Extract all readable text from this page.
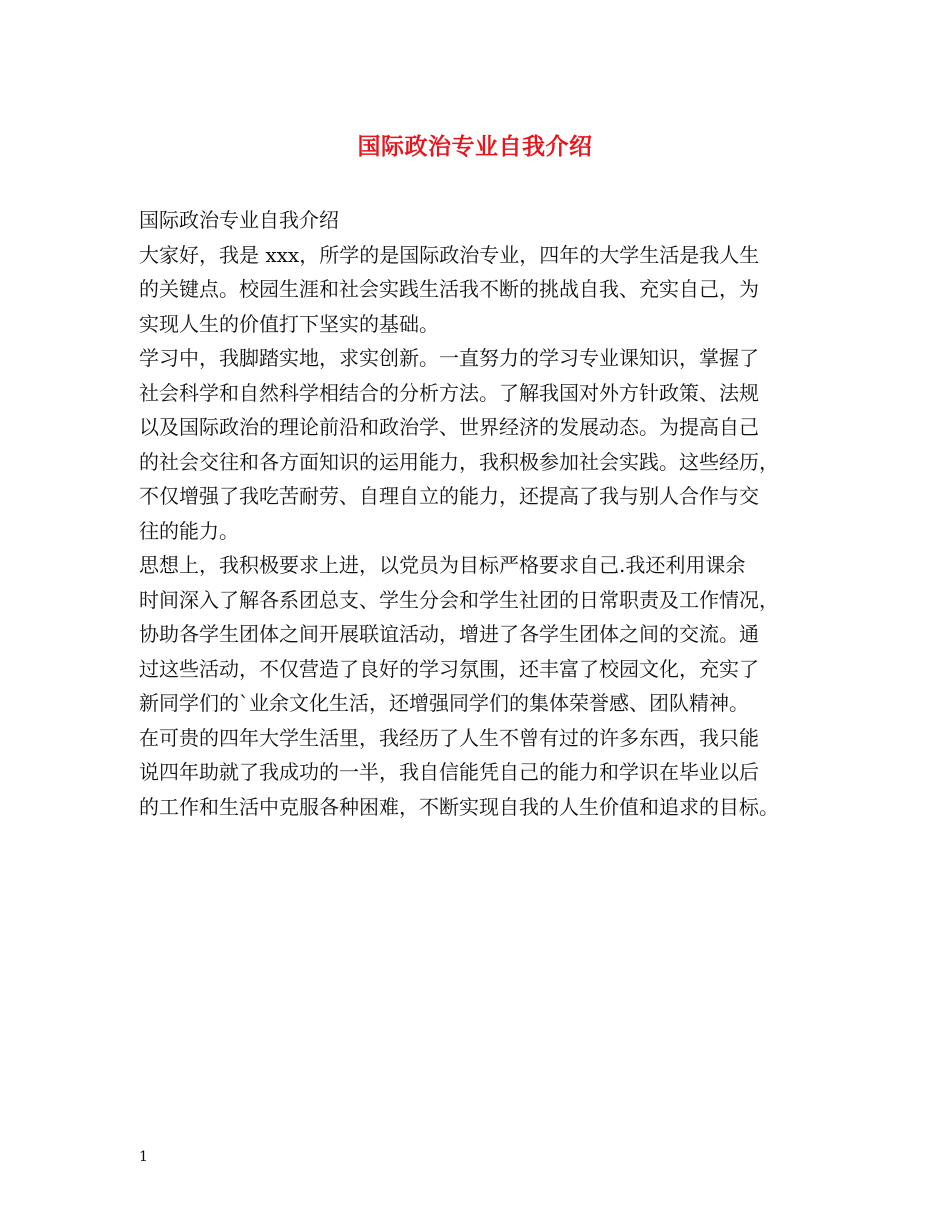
国际政治专业自我介绍

国际政治专业自我介绍

大家好，我是 xxx，所学的是国际政治专业，四年的大学生活是我人生

的关键点。校园生涯和社会实践生活我不断的挑战自我、充实自己，为

实现人生的价值打下坚实的基础。

学习中，我脚踏实地，求实创新。一直努力的学习专业课知识，掌握了

社会科学和自然科学相结合的分析方法。了解我国对外方针政策、法规

以及国际政治的理论前沿和政治学、世界经济的发展动态。为提高自己

的社会交往和各方面知识的运用能力，我积极参加社会实践。这些经历，

不仅增强了我吃苦耐劳、自理自立的能力，还提高了我与别人合作与交

往的能力。

思想上，我积极要求上进，以党员为目标严格要求自己.我还利用课余

时间深入了解各系团总支、学生分会和学生社团的日常职责及工作情况，

协助各学生团体之间开展联谊活动，增进了各学生团体之间的交流。通

过这些活动，不仅营造了良好的学习氛围，还丰富了校园文化，充实了

新同学们的`业余文化生活，还增强同学们的集体荣誉感、团队精神。

在可贵的四年大学生活里，我经历了人生不曾有过的许多东西，我只能

说四年助就了我成功的一半，我自信能凭自己的能力和学识在毕业以后

的工作和生活中克服各种困难，不断实现自我的人生价值和追求的目标。

1
